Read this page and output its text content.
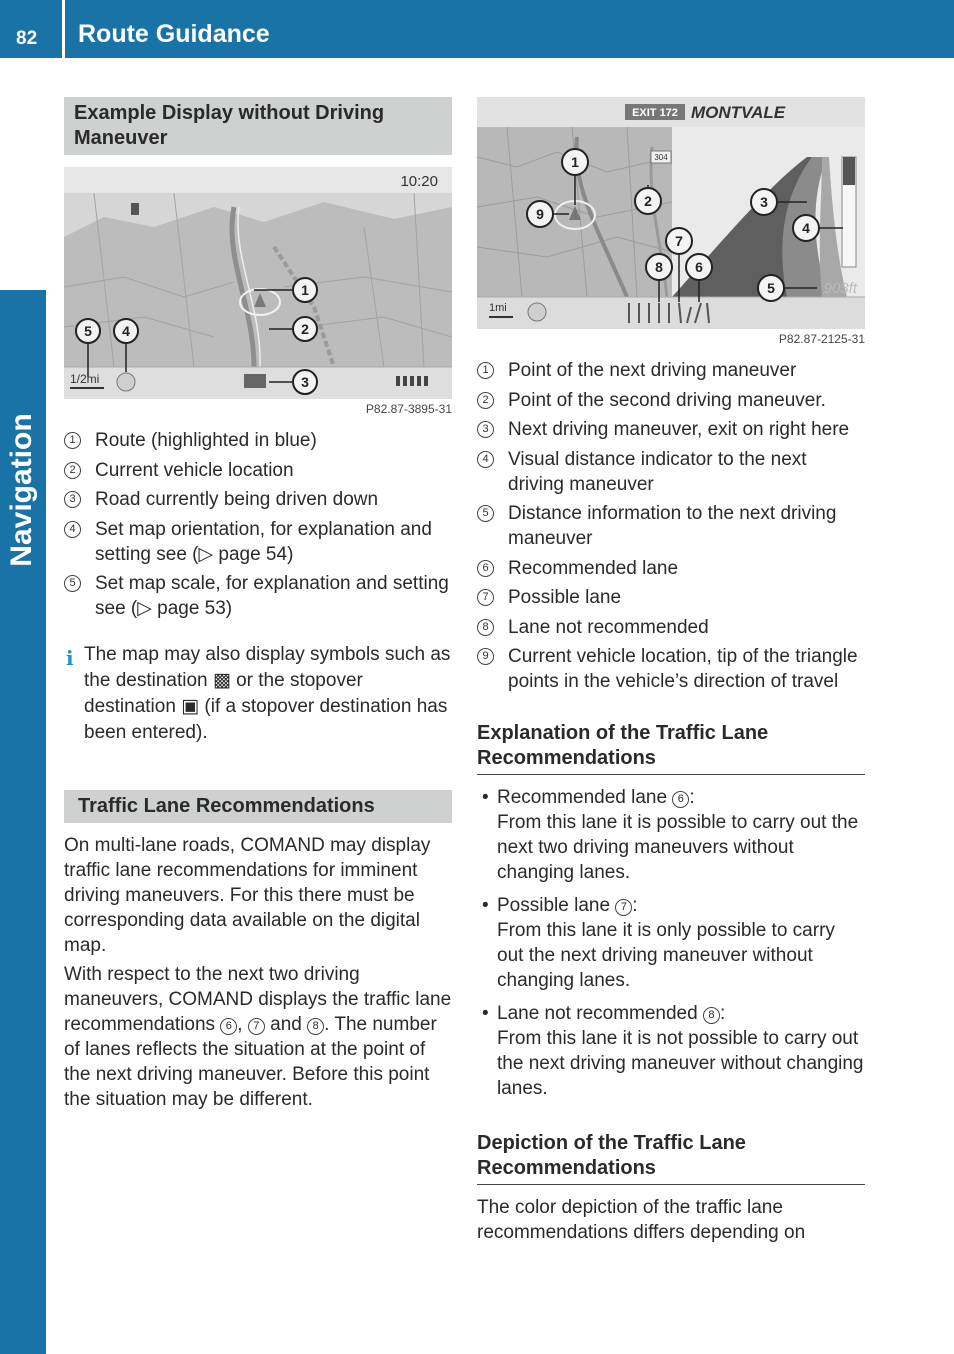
82 Route Guidance
Navigation
Example Display without Driving Maneuver
10:20
1/2mi
1
2
3
4
5
P82.87-3895-31
1 Route (highlighted in blue)
2 Current vehicle location
3 Road currently being driven down
4 Set map orientation, for explanation and setting see (▷ page 54)
5 Set map scale, for explanation and setting see (▷ page 53)
i The map may also display symbols such as the destination ▩ or the stopover destination ▣ (if a stopover destination has been entered).
Traffic Lane Recommendations

On multi-lane roads, COMAND may display traffic lane recommendations for imminent driving maneuvers. For this there must be corresponding data available on the digital map.

With respect to the next two driving maneuvers, COMAND displays the traffic lane recommendations 6 , 7 and 8 . The number of lanes reflects the situation at the point of the next driving maneuver. Before this point the situation may be different.

EXIT 172 MONTVALE
304
903ft
1mi
1
2	3
4
5
6
7
8
9
P82.87-2125-31
1 Point of the next driving maneuver
2 Point of the second driving maneuver.
3 Next driving maneuver, exit on right here
4 Visual distance indicator to the next driving maneuver
5 Distance information to the next driving maneuver
6 Recommended lane
7 Possible lane
8 Lane not recommended
9 Current vehicle location, tip of the triangle points in the vehicle’s direction of travel
Explanation of the Traffic Lane Recommendations
• Recommended lane 6 :
From this lane it is possible to carry out the next two driving maneuvers without changing lanes.
• Possible lane 7 :
From this lane it is only possible to carry out the next driving maneuver without changing lanes.
• Lane not recommended 8 :
From this lane it is not possible to carry out the next driving maneuver without changing lanes.
Depiction of the Traffic Lane Recommendations

The color depiction of the traffic lane recommendations differs depending on
